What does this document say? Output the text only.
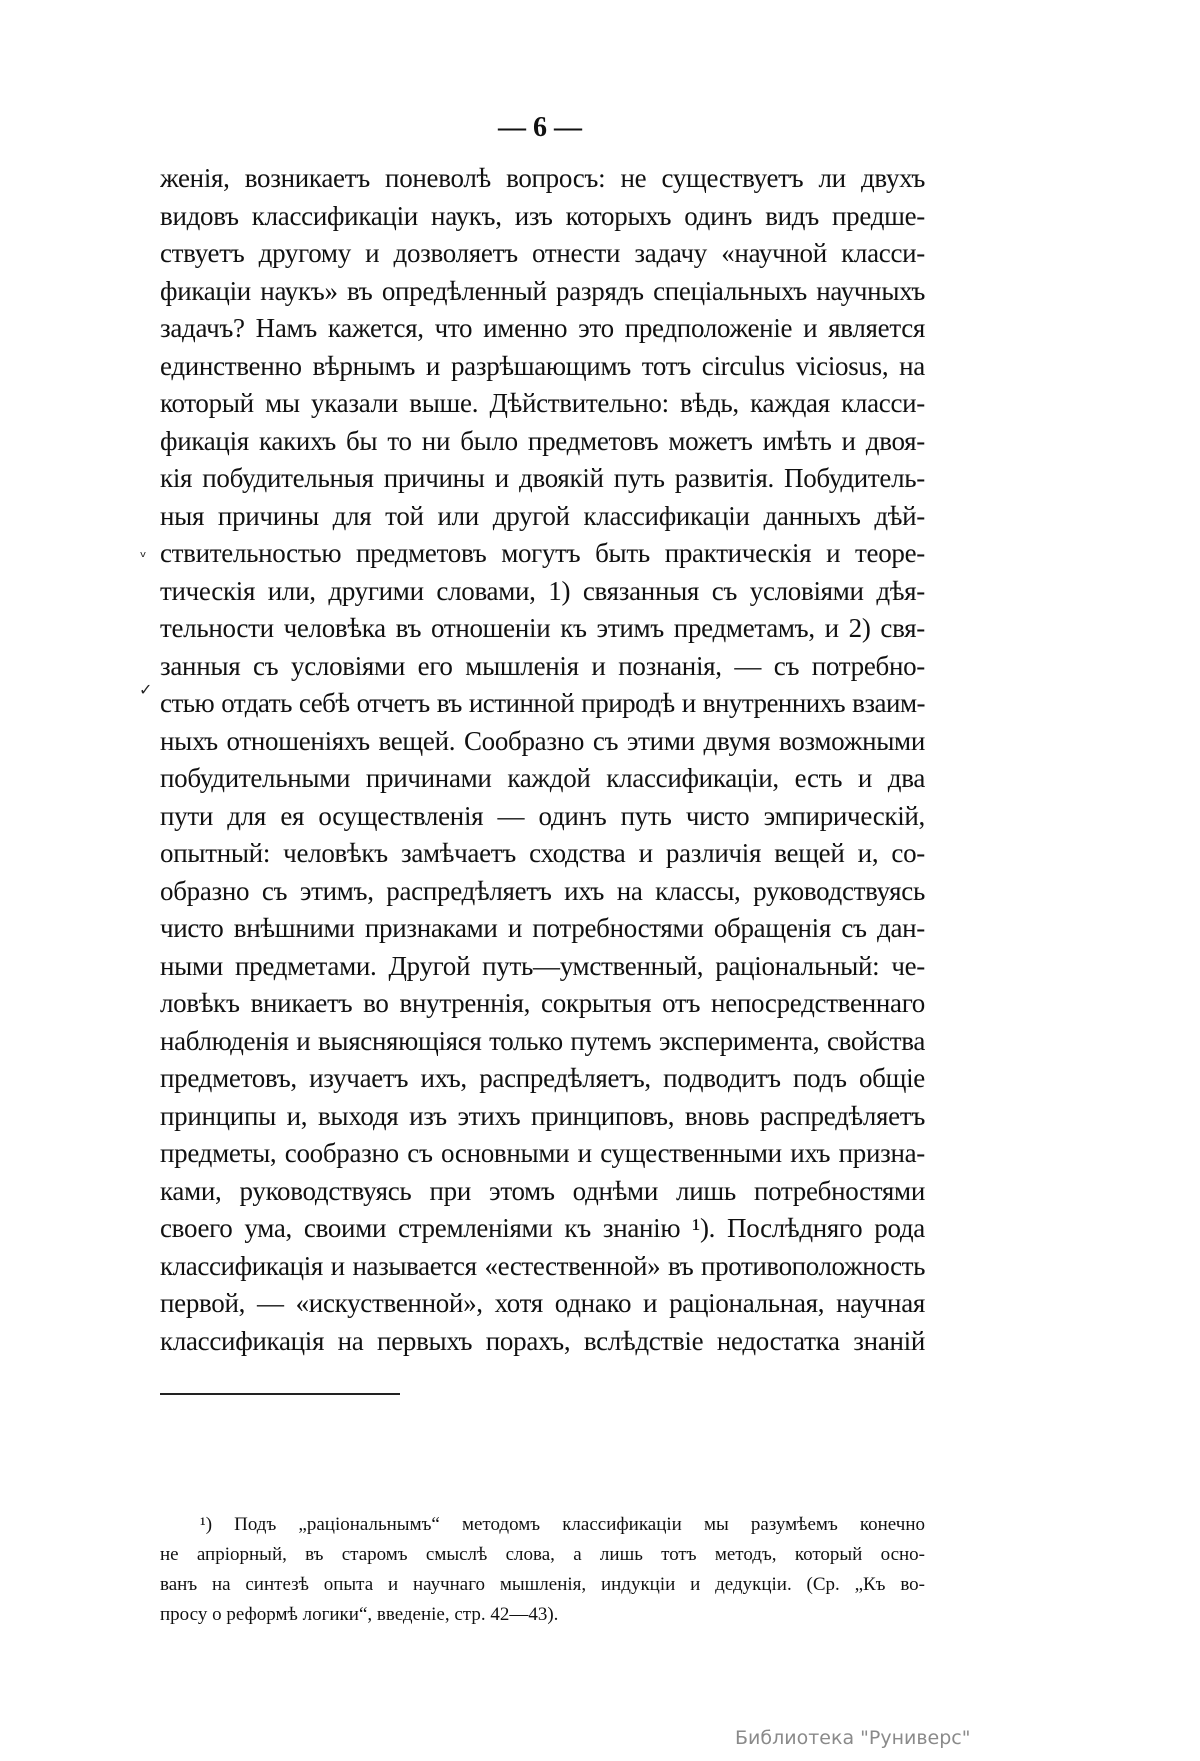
— 6 —
женія, возникаетъ поневолѣ вопросъ: не существуетъ ли двухъ
видовъ классификаціи наукъ, изъ которыхъ одинъ видъ предше-
ствуетъ другому и дозволяетъ отнести задачу «научной класси-
фикаціи наукъ» въ опредѣленный разрядъ спеціальныхъ научныхъ
задачъ? Намъ кажется, что именно это предположеніе и является
единственно вѣрнымъ и разрѣшающимъ тотъ circulus viciosus, на
который мы указали выше. Дѣйствительно: вѣдь, каждая класси-
фикація какихъ бы то ни было предметовъ можетъ имѣть и двоя-
кія побудительныя причины и двоякій путь развитія. Побудитель-
ныя причины для той или другой классификаціи данныхъ дѣй-
ствительностью предметовъ могутъ быть практическія и теоре-
тическія или, другими словами, 1) связанныя съ условіями дѣя-
тельности человѣка въ отношеніи къ этимъ предметамъ, и 2) свя-
занныя съ условіями его мышленія и познанія, — съ потребно-
стью отдать себѣ отчетъ въ истинной природѣ и внутреннихъ взаим-
ныхъ отношеніяхъ вещей. Сообразно съ этими двумя возможными
побудительными причинами каждой классификаціи, есть и два
пути для ея осуществленія — одинъ путь чисто эмпирическій,
опытный: человѣкъ замѣчаетъ сходства и различія вещей и, со-
образно съ этимъ, распредѣляетъ ихъ на классы, руководствуясь
чисто внѣшними признаками и потребностями обращенія съ дан-
ными предметами. Другой путь—умственный, раціональный: че-
ловѣкъ вникаетъ во внутреннія, сокрытыя отъ непосредственнаго
наблюденія и выясняющіяся только путемъ эксперимента, свойства
предметовъ, изучаетъ ихъ, распредѣляетъ, подводитъ подъ общіе
принципы и, выходя изъ этихъ принциповъ, вновь распредѣляетъ
предметы, сообразно съ основными и существенными ихъ призна-
ками, руководствуясь при этомъ однѣми лишь потребностями
своего ума, своими стремленіями къ знанію ¹). Послѣдняго рода
классификація и называется «естественной» въ противоположность
первой, — «искуственной», хотя однако и раціональная, научная
классификація на первыхъ порахъ, вслѣдствіе недостатка знаній
ᵥ
✓
¹) Подъ „раціональнымъ“ методомъ классификаціи мы разумѣемъ конечно
не апріорный, въ старомъ смыслѣ слова, а лишь тотъ методъ, который осно-
ванъ на синтезѣ опыта и научнаго мышленія, индукціи и дедукціи. (Ср. „Къ во-
просу о реформѣ логики“, введеніе, стр. 42—43).
Библиотека "Руниверс"
